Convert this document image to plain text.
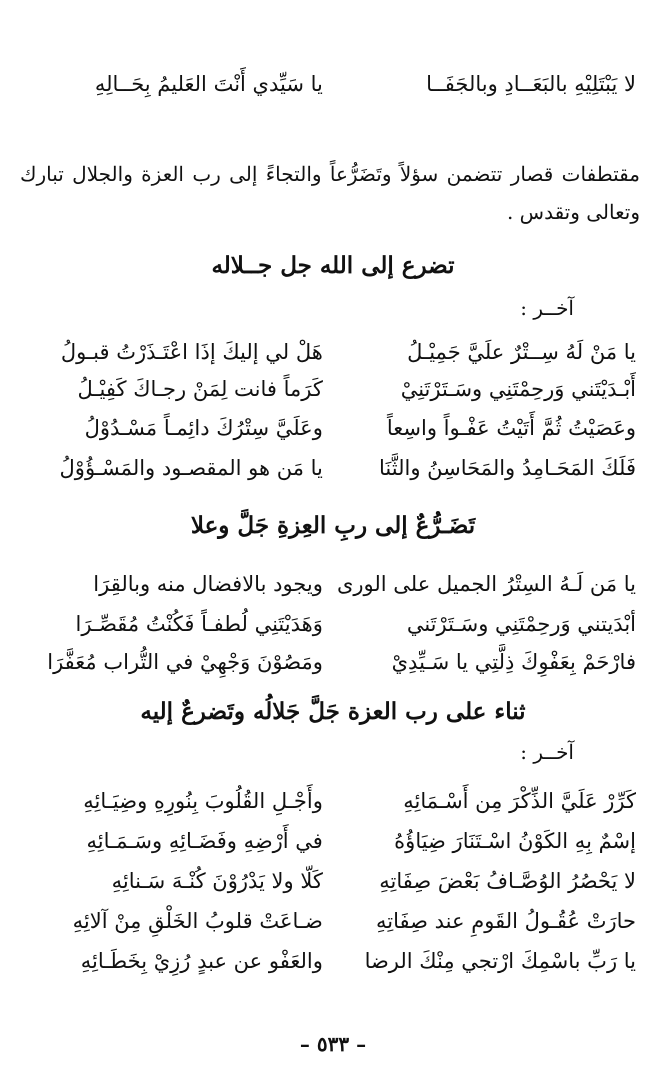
لا يَبْتَلِيْهِ بالبَعَــادِ وبالجَفَــا
يا سَيِّدي أَنْتَ العَليمُ بِحَــالِهِ
مقتطفات قصار تتضمن سؤلاً وتَضَرُّعاً والتجاءً إلى رب العزة والجلال تبارك وتعالى وتقدس .
تضرع إلى الله جل جــلاله
آخــر :
يا مَنْ لَهُ سِــتْرٌ علَيَّ جَمِيْـلُ
هَلْ لي إليكَ إذَا اعْتَـذَرْتُ قبـولُ
أَبْـدَيْتَني وَرحِمْتَنِي وسَـتَرْتَنِيْ
كَرَماً فانت لِمَنْ رجـاكَ كَفِيْـلُ
وعَصَيْتُ ثُمَّ أَتَيْتُ عَفْـواً واسِعاً
وعَلَيَّ سِتْرُكَ دائِمـاً مَسْـدُوْلُ
فَلَكَ المَحَـامِدُ والمَحَاسِنُ والثَّنَا
يا مَن هو المقصـود والمَسْـؤُوْلُ
تَضَـرُّعٌ إلى ربِ العِزةِ جَلَّ وعلا
يا مَن لَـهُ السِتْرُ الجميل على الورى
ويجود بالافضال منه وبالقِرَا
أبْدَيتني وَرحِمْتَنِي وسَـتَرْتَني
وَهَدَيْتَنِي لُطفـاً فَكُنْتُ مُقَصِّـرَا
فارْحَمْ بِعَفْوِكَ ذِلَّتِي يا سَـيِّدِيْ
ومَصُوْنَ وَجْهِيْ في التُّراب مُعَفَّرَا
ثناء على رب العزة جَلَّ جَلالُه وتَضرعٌ إليه
آخــر :
كَرِّرْ عَلَيَّ الذِّكْرَ مِن أَسْـمَائِهِ
وأَجْـلِ القُلُوبَ بِنُورِهِ وضِيَـائِهِ
إسْمٌ بِهِ الكَوْنُ اسْـتَنَارَ ضِيَاؤُهُ
في أَرْضِهِ وفَضَـائِهِ وسَـمَـائِهِ
لا يَحْصُرُ الوُصَّـافُ بَعْضَ صِفَاتِهِ
كَلّا ولا يَدْرُوْنَ كُنْـهَ سَـنائِهِ
حارَتْ عُقُـولُ القَومِ عند صِفَاتِهِ
ضـاعَتْ قلوبُ الخَلْقِ مِنْ آلائِهِ
يا رَبِّ باسْمِكَ ارْتجي مِنْكَ الرضا
والعَفْو عن عبدٍ رُزِيْ بِخَطَـائِهِ
– ٥٣٣ –
